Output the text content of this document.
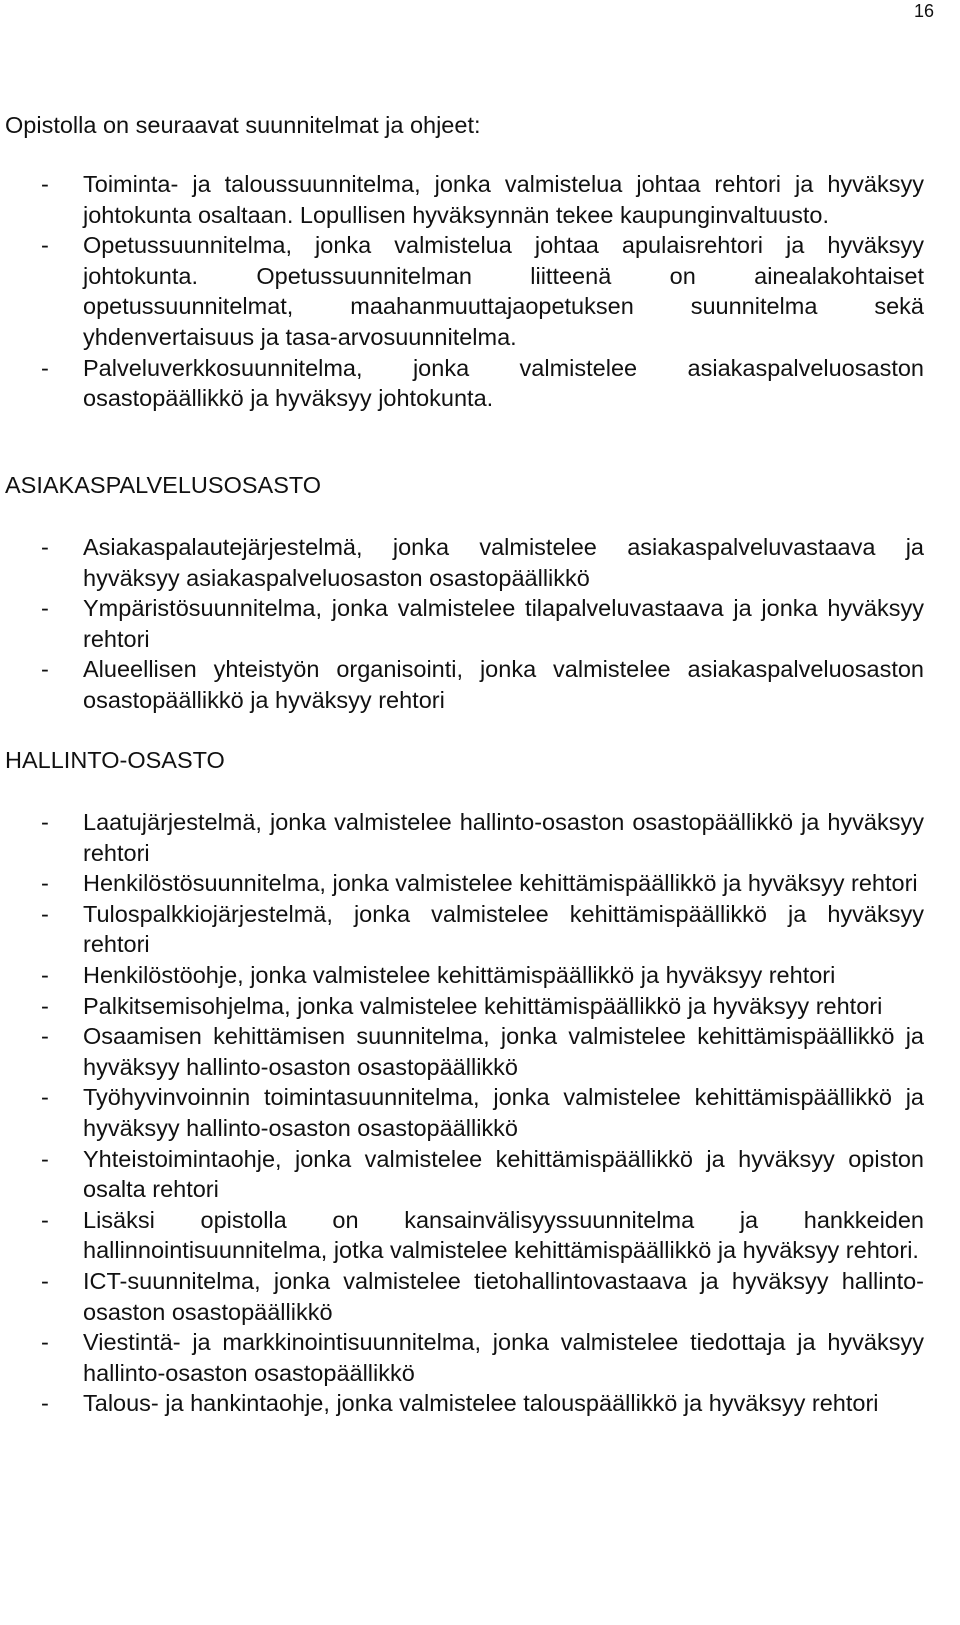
16

Opistolla on seuraavat suunnitelmat ja ohjeet:

- Toiminta- ja taloussuunnitelma, jonka valmistelua johtaa rehtori ja hyväksyy johtokunta osaltaan. Lopullisen hyväksynnän tekee kaupunginvaltuusto.
- Opetussuunnitelma, jonka valmistelua johtaa apulaisrehtori ja hyväksyy johtokunta. Opetussuunnitelman liitteenä on ainealakohtaiset opetussuunnitelmat, maahanmuuttajaopetuksen suunnitelma sekä yhdenvertaisuus ja tasa-arvosuunnitelma.
- Palveluverkkosuunnitelma, jonka valmistelee asiakaspalveluosaston osastopäällikkö ja hyväksyy johtokunta.

ASIAKASPALVELUSOSASTO

- Asiakaspalautejärjestelmä, jonka valmistelee asiakaspalveluvastaava ja hyväksyy asiakaspalveluosaston osastopäällikkö
- Ympäristösuunnitelma, jonka valmistelee tilapalveluvastaava ja jonka hyväksyy rehtori
- Alueellisen yhteistyön organisointi, jonka valmistelee asiakaspalveluosaston osastopäällikkö ja hyväksyy rehtori

HALLINTO-OSASTO

- Laatujärjestelmä, jonka valmistelee hallinto-osaston osastopäällikkö ja hyväksyy rehtori
- Henkilöstösuunnitelma, jonka valmistelee kehittämispäällikkö ja hyväksyy rehtori
- Tulospalkkiojärjestelmä, jonka valmistelee kehittämispäällikkö ja hyväksyy rehtori
- Henkilöstöohje, jonka valmistelee kehittämispäällikkö ja hyväksyy rehtori
- Palkitsemisohjelma, jonka valmistelee kehittämispäällikkö ja hyväksyy rehtori
- Osaamisen kehittämisen suunnitelma, jonka valmistelee kehittämispäällikkö ja hyväksyy hallinto-osaston osastopäällikkö
- Työhyvinvoinnin toimintasuunnitelma, jonka valmistelee kehittämispäällikkö ja hyväksyy hallinto-osaston osastopäällikkö
- Yhteistoimintaohje, jonka valmistelee kehittämispäällikkö ja hyväksyy opiston osalta rehtori
- Lisäksi opistolla on kansainvälisyyssuunnitelma ja hankkeiden hallinnointisuunnitelma, jotka valmistelee kehittämispäällikkö ja hyväksyy rehtori.
- ICT-suunnitelma, jonka valmistelee tietohallintovastaava ja hyväksyy hallinto-osaston osastopäällikkö
- Viestintä- ja markkinointisuunnitelma, jonka valmistelee tiedottaja ja hyväksyy hallinto-osaston osastopäällikkö
- Talous- ja hankintaohje, jonka valmistelee talouspäällikkö ja hyväksyy rehtori
